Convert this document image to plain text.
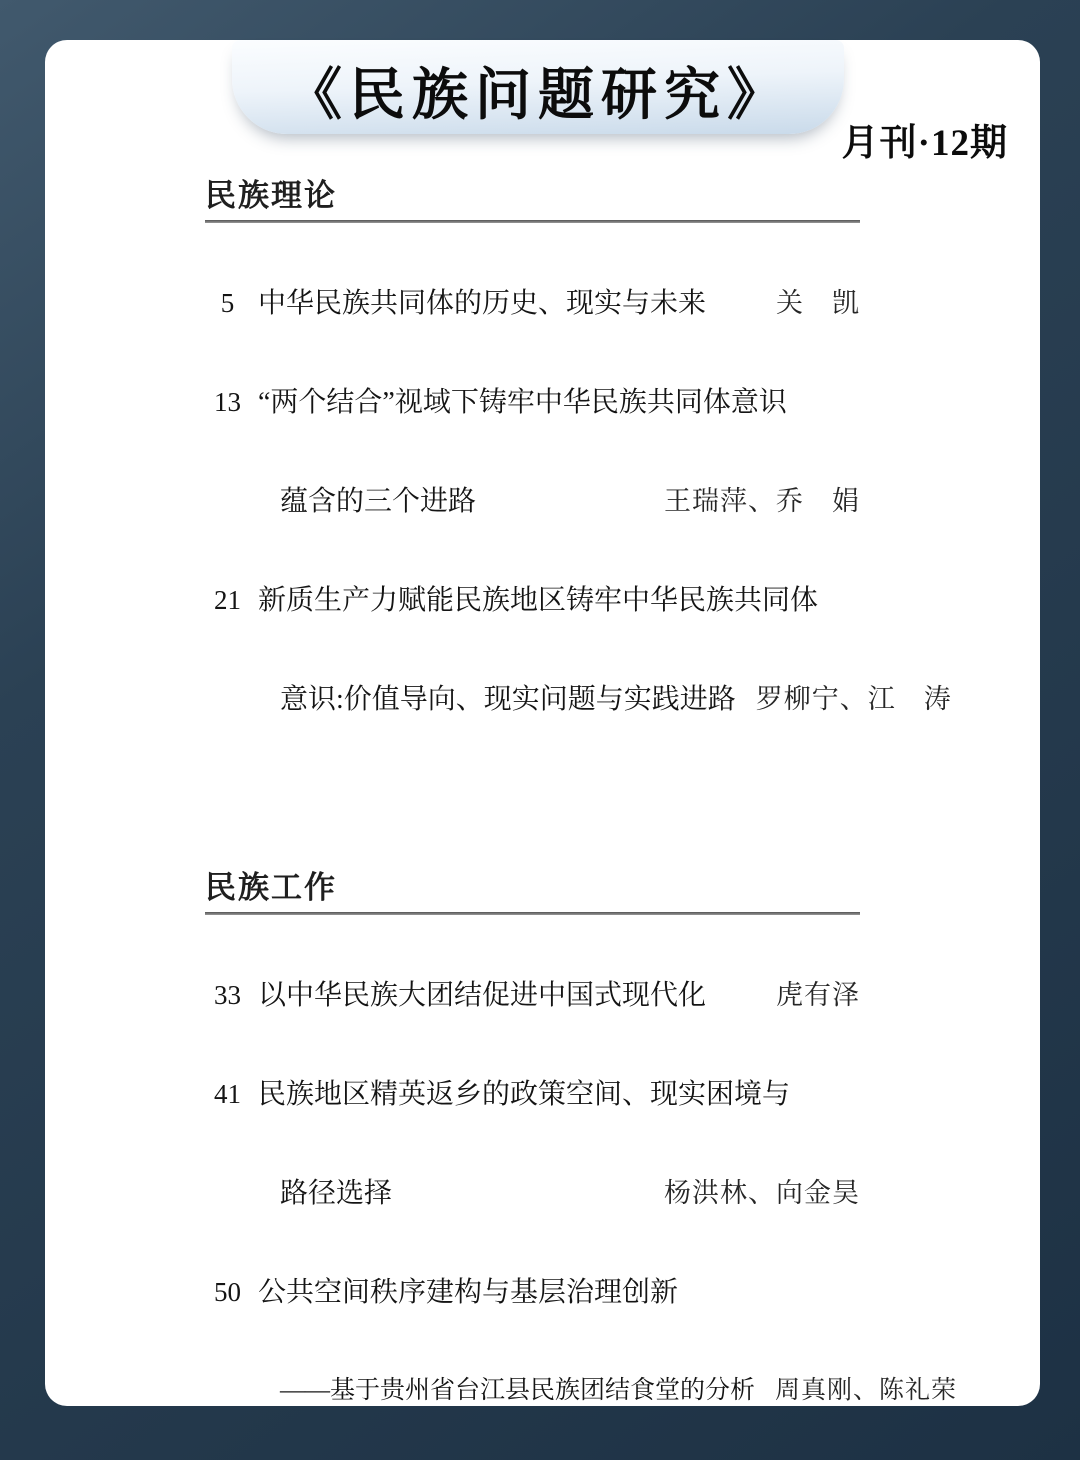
《民族问题研究》
月刊·12期
民族理论
5 中华民族共同体的历史、现实与未来	关　凯
13 “两个结合”视域下铸牢中华民族共同体意识
蕴含的三个进路	王瑞萍、乔　娟
21 新质生产力赋能民族地区铸牢中华民族共同体
意识:价值导向、现实问题与实践进路 罗柳宁、江　涛
民族工作
33 以中华民族大团结促进中国式现代化	虎有泽
41 民族地区精英返乡的政策空间、现实困境与
路径选择	杨洪林、向金昊
50 公共空间秩序建构与基层治理创新
——基于贵州省台江县民族团结食堂的分析 周真刚、陈礼荣
